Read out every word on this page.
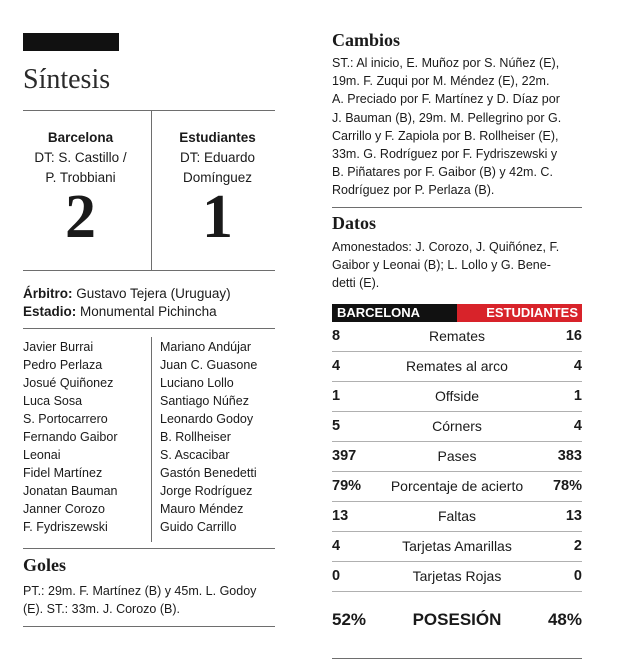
Síntesis
Barcelona
DT: S. Castillo /
P. Trobbiani
2
Estudiantes
DT: Eduardo
Domínguez
1
Árbitro: Gustavo Tejera (Uruguay)
Estadio: Monumental Pichincha
Javier Burrai
Pedro Perlaza
Josué Quiñonez
Luca Sosa
S. Portocarrero
Fernando Gaibor
Leonai
Fidel Martínez
Jonatan Bauman
Janner Corozo
F. Fydriszewski
Mariano Andújar
Juan C. Guasone
Luciano Lollo
Santiago Núñez
Leonardo Godoy
B. Rollheiser
S. Ascacibar
Gastón Benedetti
Jorge Rodríguez
Mauro Méndez
Guido Carrillo
Goles
PT.: 29m. F. Martínez (B) y 45m. L. Godoy
(E). ST.: 33m. J. Corozo (B).
Cambios
ST.: Al inicio, E. Muñoz por S. Núñez (E),
19m. F. Zuqui por M. Méndez (E), 22m.
A. Preciado por F. Martínez y D. Díaz por
J. Bauman (B), 29m. M. Pellegrino por G.
Carrillo y F. Zapiola por B. Rollheiser (E),
33m. G. Rodríguez por F. Fydriszewski y
B. Piñatares por F. Gaibor (B) y 42m. C.
Rodríguez por P. Perlaza (B).
Datos
Amonestados: J. Corozo, J. Quiñónez, F.
Gaibor y Leonai (B); L. Lollo y G. Bene-
detti (E).
BARCELONA	ESTUDIANTES
8	Remates	16
4	Remates al arco	4
1	Offside	1
5	Córners	4
397	Pases	383
79%	Porcentaje de acierto	78%
13	Faltas	13
4	Tarjetas Amarillas	2
0	Tarjetas Rojas	0
52%	POSESIÓN	48%
